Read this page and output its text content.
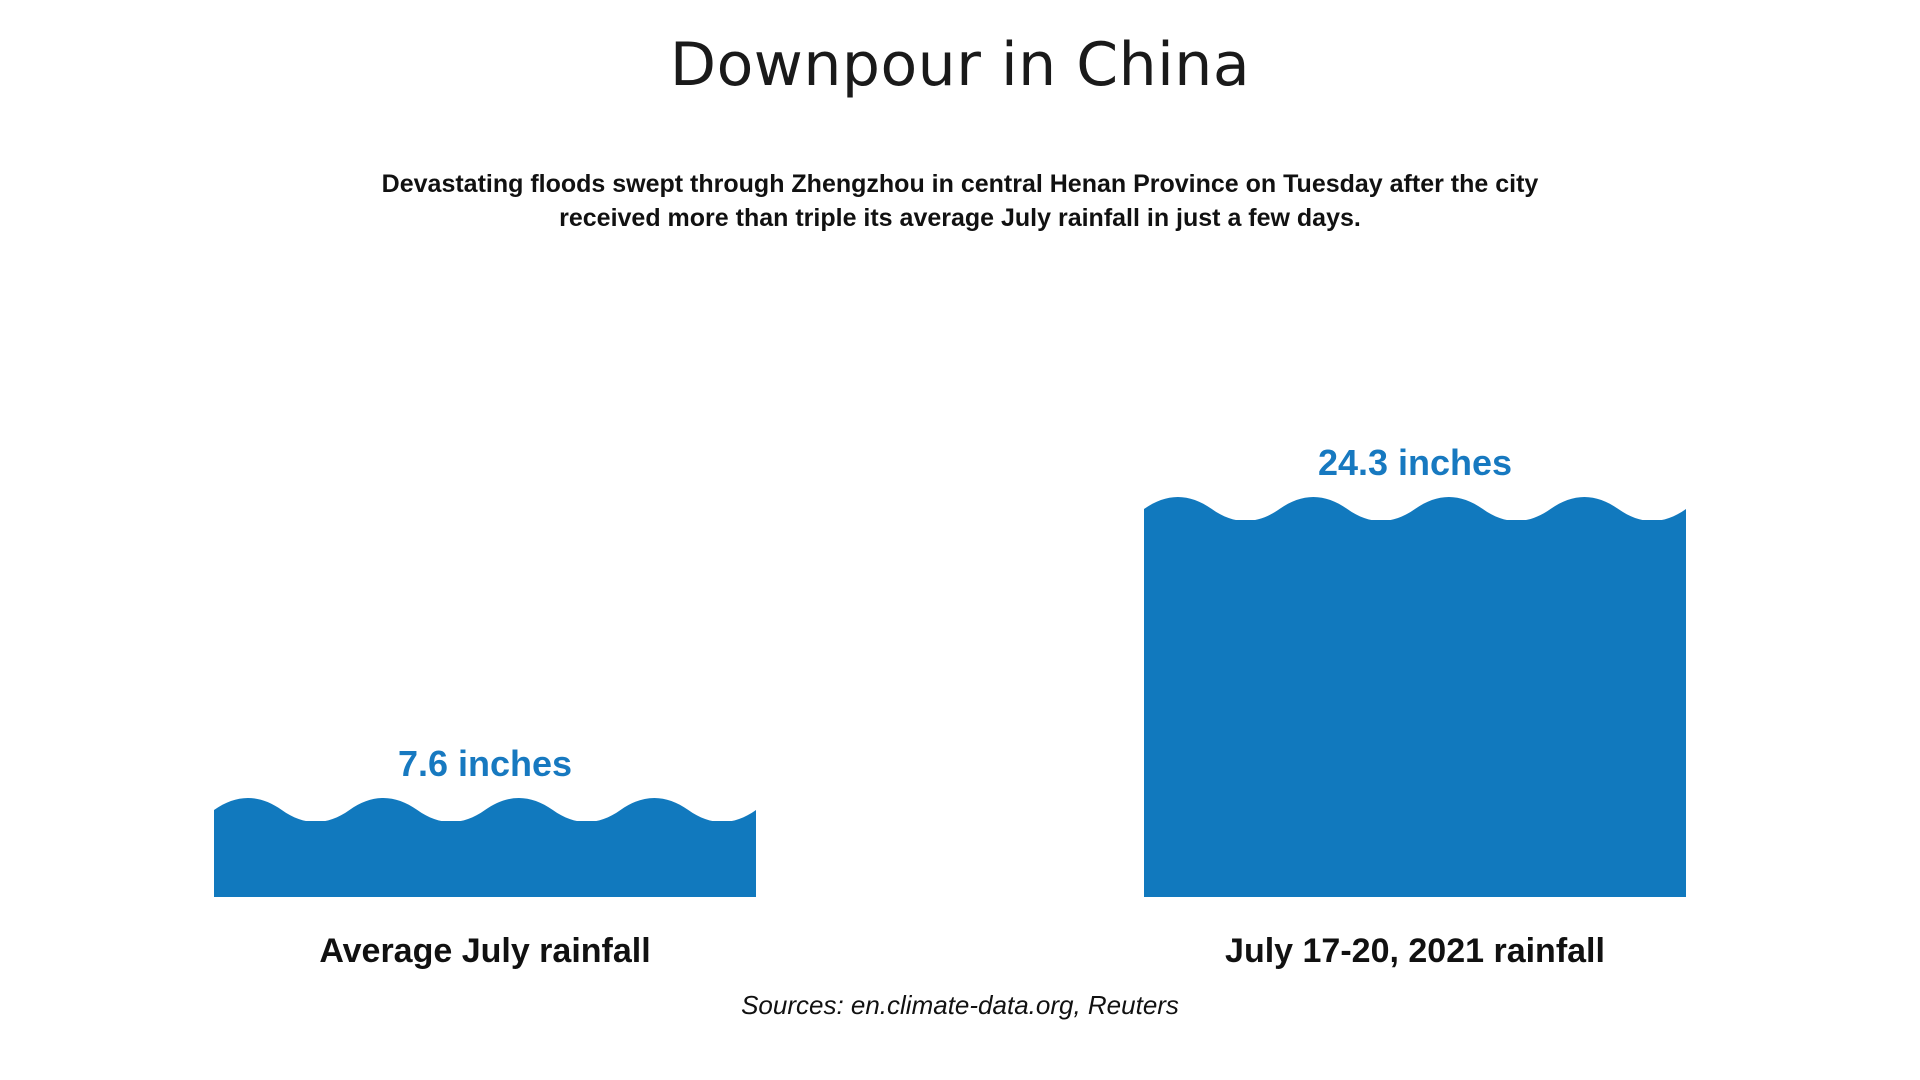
Downpour in China
Devastating floods swept through Zhengzhou in central Henan Province on Tuesday after the city received more than triple its average July rainfall in just a few days.
7.6 inches
Average July rainfall
24.3 inches
July 17-20, 2021 rainfall
Sources: en.climate-data.org, Reuters
